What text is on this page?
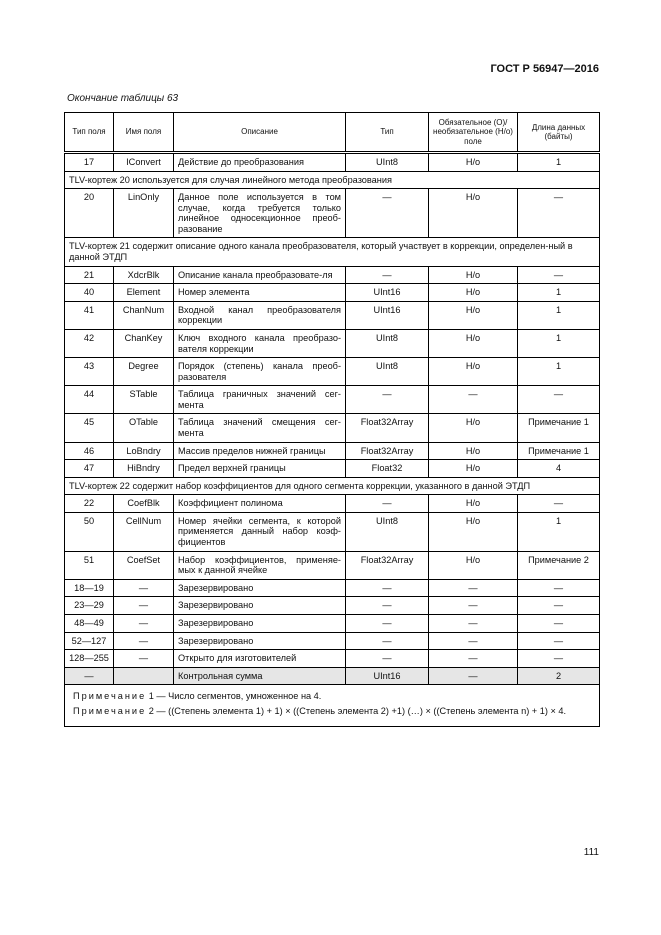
ГОСТ Р 56947—2016
Окончание таблицы 63
Тип поля	Имя поля	Описание	Тип	Обязательное (О)/ необязательное (Н/о) поле	Длина данных (байты)
17	IConvert	Действие до преобразования	UInt8	Н/о	1
TLV-кортеж 20 используется для случая линейного метода преобразования					
20	LinOnly	Данное поле используется в том случае, когда требуется только линейное односекционное преоб-разование	—	Н/о	—
TLV-кортеж 21 содержит описание одного канала преобразователя, который участвует в коррекции, определен-ный в данной ЭТДП					
21	XdcrBlk	Описание канала преобразовате-ля	—	Н/о	—
40	Element	Номер элемента	UInt16	Н/о	1
41	ChanNum	Входной канал преобразователя коррекции	UInt16	Н/о	1
42	ChanKey	Ключ входного канала преобразо-вателя коррекции	UInt8	Н/о	1
43	Degree	Порядок (степень) канала преоб-разователя	UInt8	Н/о	1
44	STable	Таблица граничных значений сег-мента	—	—	—
45	OTable	Таблица значений смещения сег-мента	Float32Array	Н/о	Примечание 1
46	LoBndry	Массив пределов нижней границы	Float32Array	Н/о	Примечание 1
47	HiBndry	Предел верхней границы	Float32	Н/о	4
TLV-кортеж 22 содержит набор коэффициентов для одного сегмента коррекции, указанного в данной ЭТДП					
22	CoefBlk	Коэффициент полинома	—	Н/о	—
50	CellNum	Номер ячейки сегмента, к которой применяется данный набор коэф-фициентов	UInt8	Н/о	1
51	CoefSet	Набор коэффициентов, применяе-мых к данной ячейке	Float32Array	Н/о	Примечание 2
18—19	—	Зарезервировано	—	—	—
23—29	—	Зарезервировано	—	—	—
48—49	—	Зарезервировано	—	—	—
52—127	—	Зарезервировано	—	—	—
128—255	—	Открыто для изготовителей	—	—	—
—		Контрольная сумма	UInt16	—	2

Примечание 1 — Число сегментов, умноженное на 4.
Примечание 2 — ((Степень элемента 1) + 1) × ((Степень элемента 2) +1) (…) × ((Степень элемента n) + 1) × 4.					
111
